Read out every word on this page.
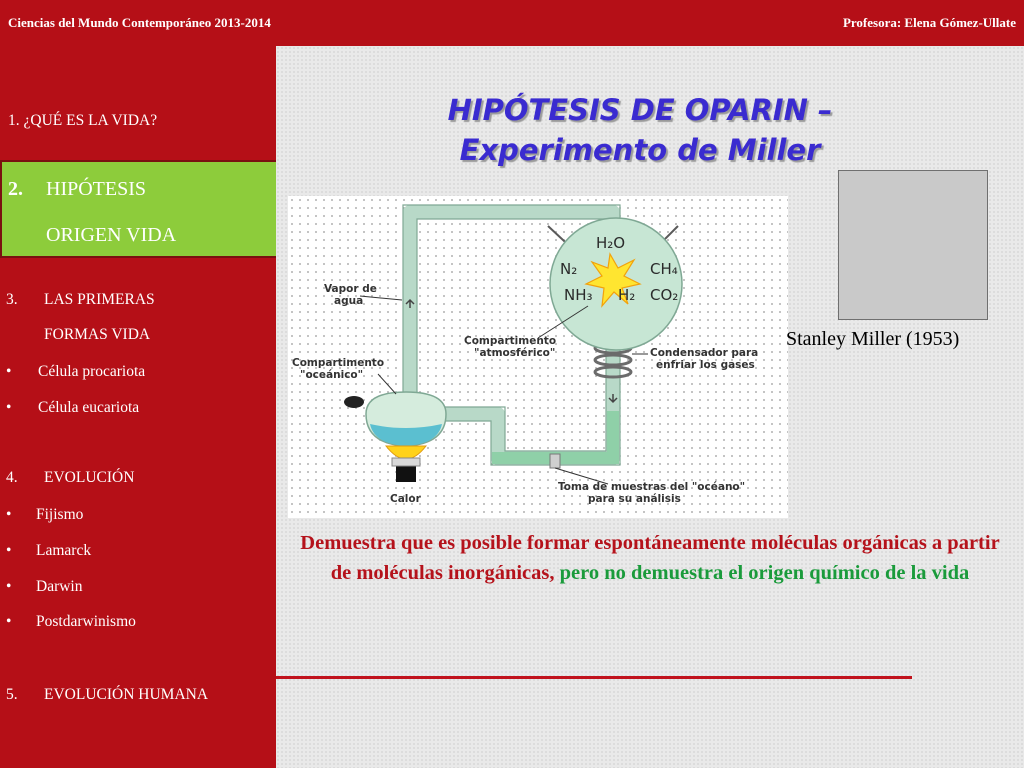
Ciencias del Mundo Contemporáneo 2013-2014	Profesora: Elena Gómez-Ullate
1. ¿QUÉ ES LA VIDA?
2. HIPÓTESIS
ORIGEN VIDA
3. LAS PRIMERAS
FORMAS VIDA
• Célula procariota
• Célula eucariota
4. EVOLUCIÓN
• Fijismo
• Lamarck
• Darwin
• Postdarwinismo
5. EVOLUCIÓN HUMANA
HIPÓTESIS DE OPARIN –
Experimento de Miller
H₂O
N₂	CH₄
NH₃ H₂ CO₂
Vapor de
agua
Compartimento
"oceánico"
Compartimento
"atmosférico"	Condensador para
enfriar los gases
Calor
Toma de muestras del "océano"
para su análisis
Stanley Miller (1953)
Demuestra que es posible formar espontáneamente moléculas orgánicas a partir de moléculas inorgánicas, pero no demuestra el origen químico de la vida
